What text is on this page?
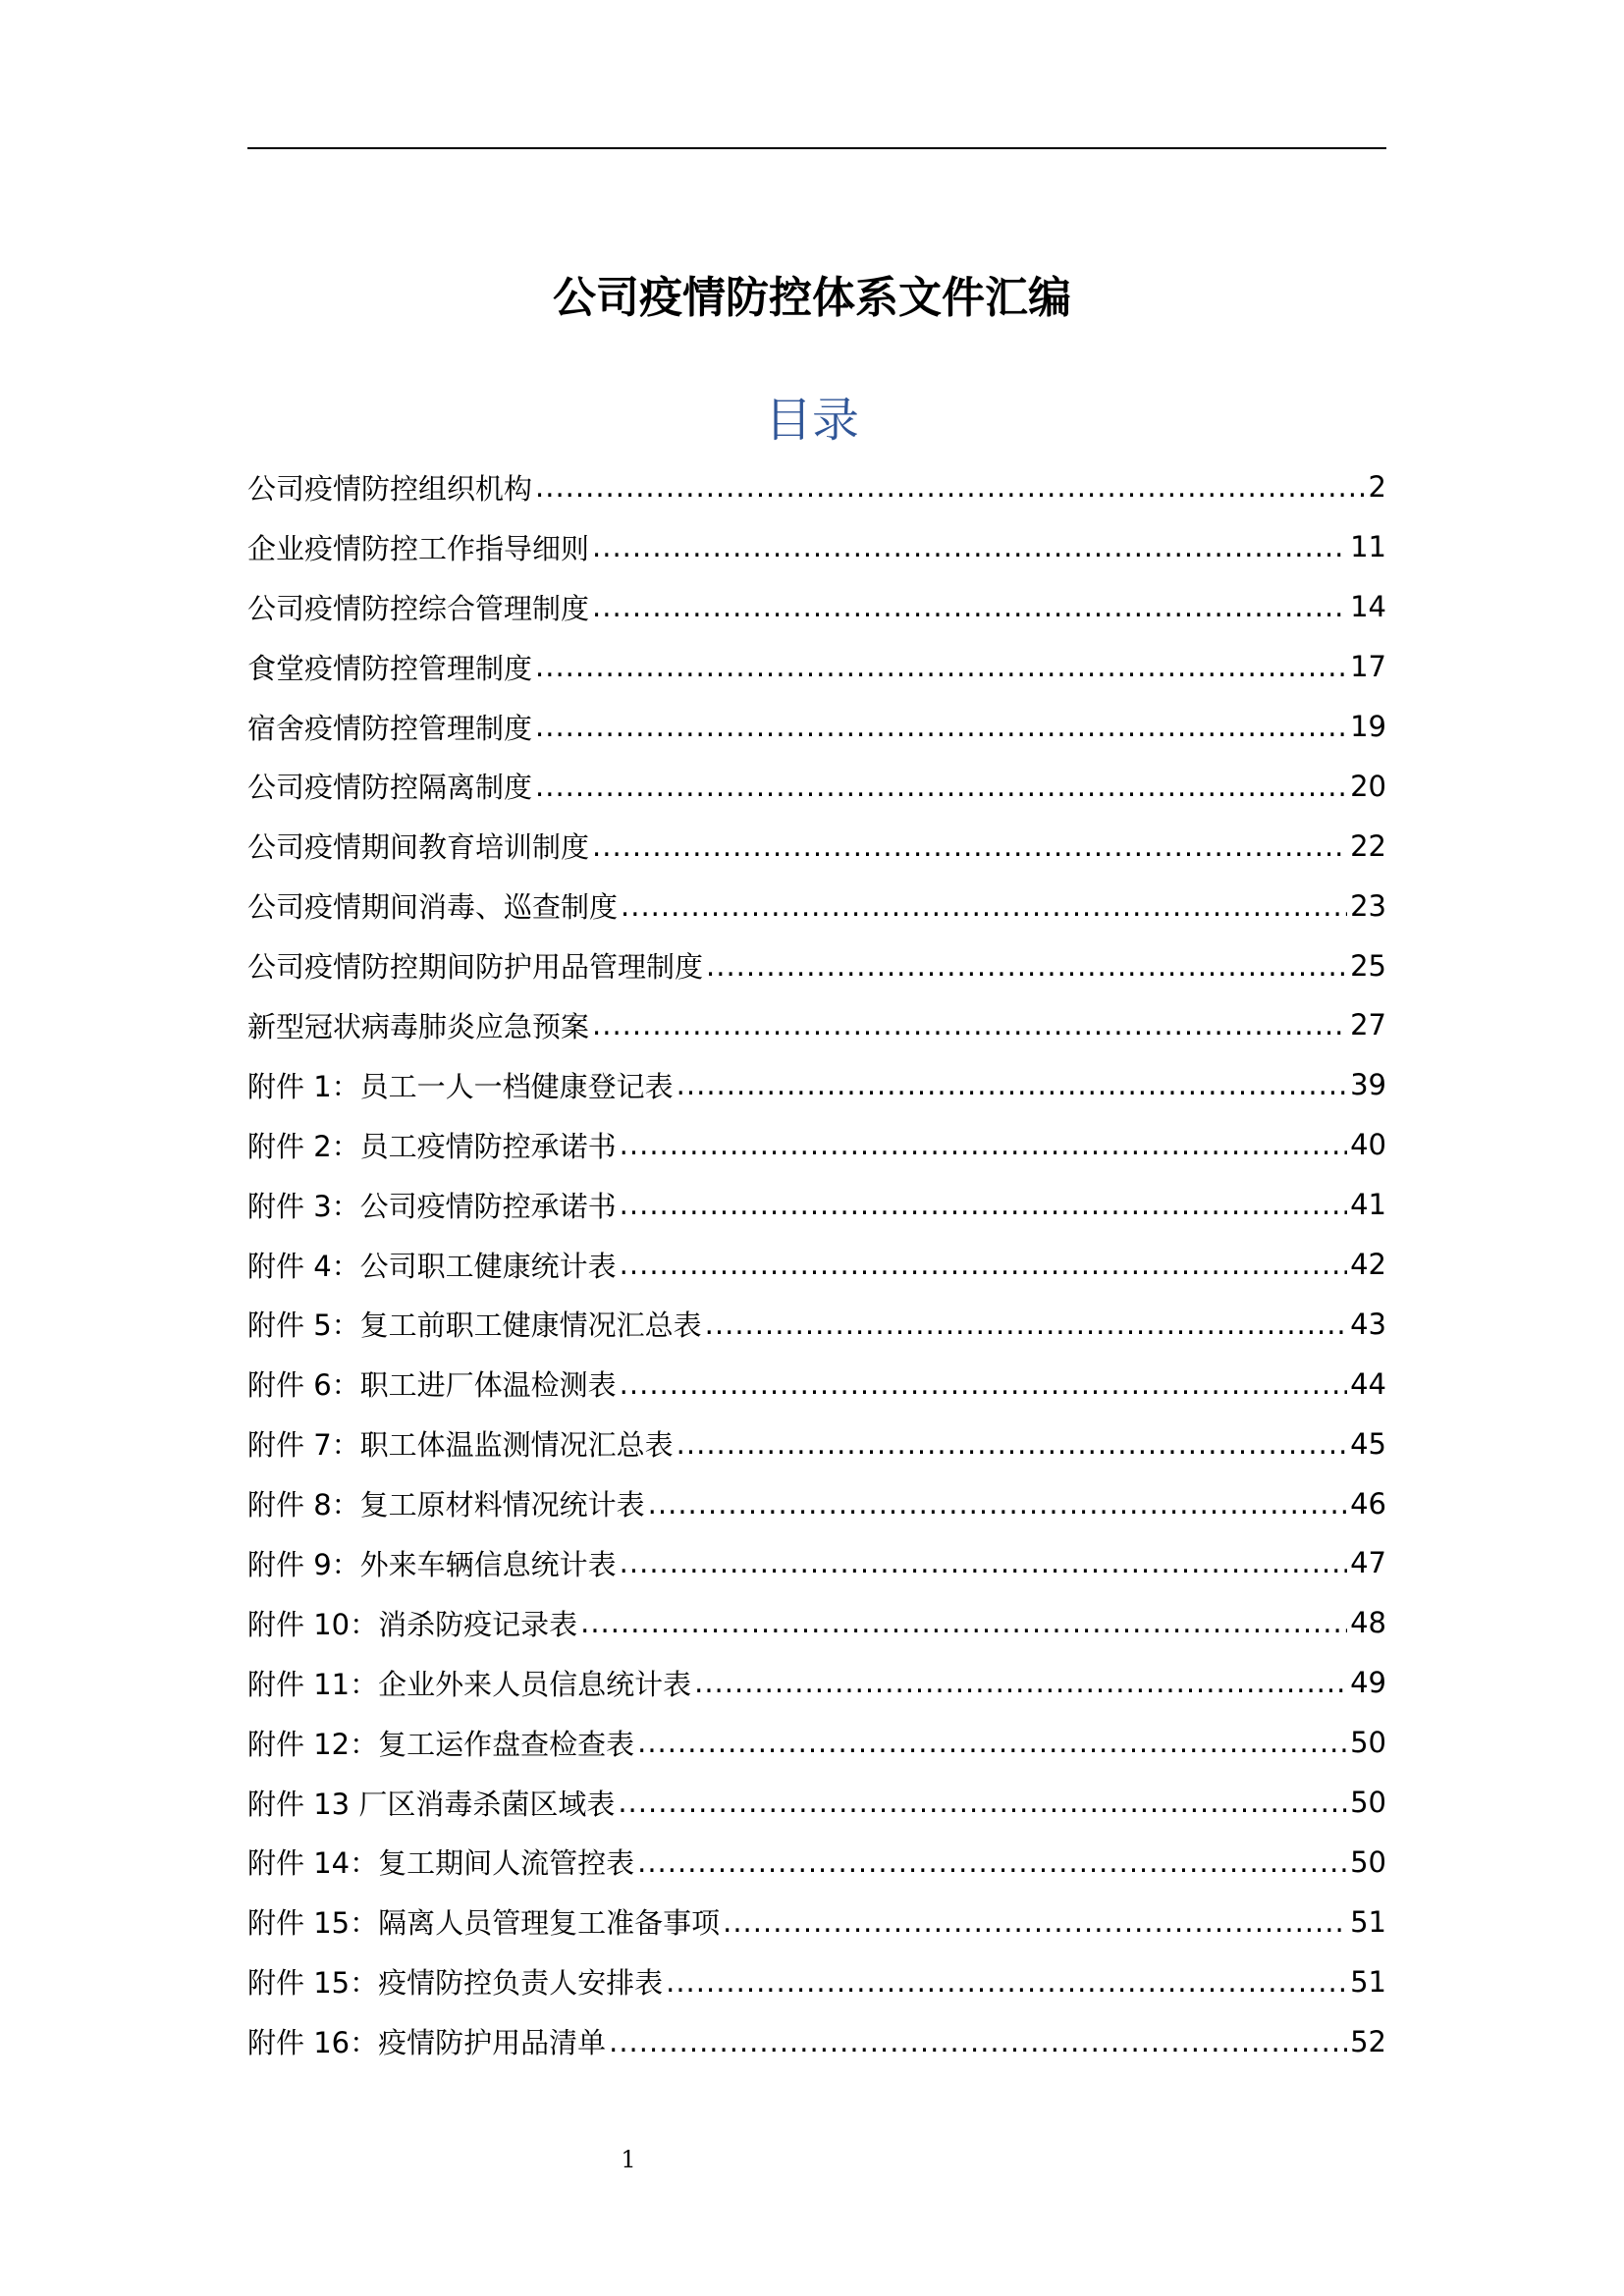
公司疫情防控体系文件汇编
目录
公司疫情防控组织机构 .....	2
企业疫情防控工作指导细则 .....	11
公司疫情防控综合管理制度 .....	14
食堂疫情防控管理制度 .....	17
宿舍疫情防控管理制度 .....	19
公司疫情防控隔离制度 .....	20
公司疫情期间教育培训制度 .....	22
公司疫情期间消毒、巡查制度 .....	23
公司疫情防控期间防护用品管理制度 .....	25
新型冠状病毒肺炎应急预案 .....	27
附件 1：员工一人一档健康登记表 .....	39
附件 2：员工疫情防控承诺书 .....	40
附件 3：公司疫情防控承诺书 .....	41
附件 4：公司职工健康统计表 .....	42
附件 5：复工前职工健康情况汇总表 .....	43
附件 6：职工进厂体温检测表 .....	44
附件 7：职工体温监测情况汇总表 .....	45
附件 8：复工原材料情况统计表 .....	46
附件 9：外来车辆信息统计表 .....	47
附件 10：消杀防疫记录表 .....	48
附件 11：企业外来人员信息统计表 .....	49
附件 12：复工运作盘查检查表 .....	50
附件 13 厂区消毒杀菌区域表 .....	50
附件 14：复工期间人流管控表 .....	50
附件 15：隔离人员管理复工准备事项 .....	51
附件 15：疫情防控负责人安排表 .....	51
附件 16：疫情防护用品清单 .....	52
1
